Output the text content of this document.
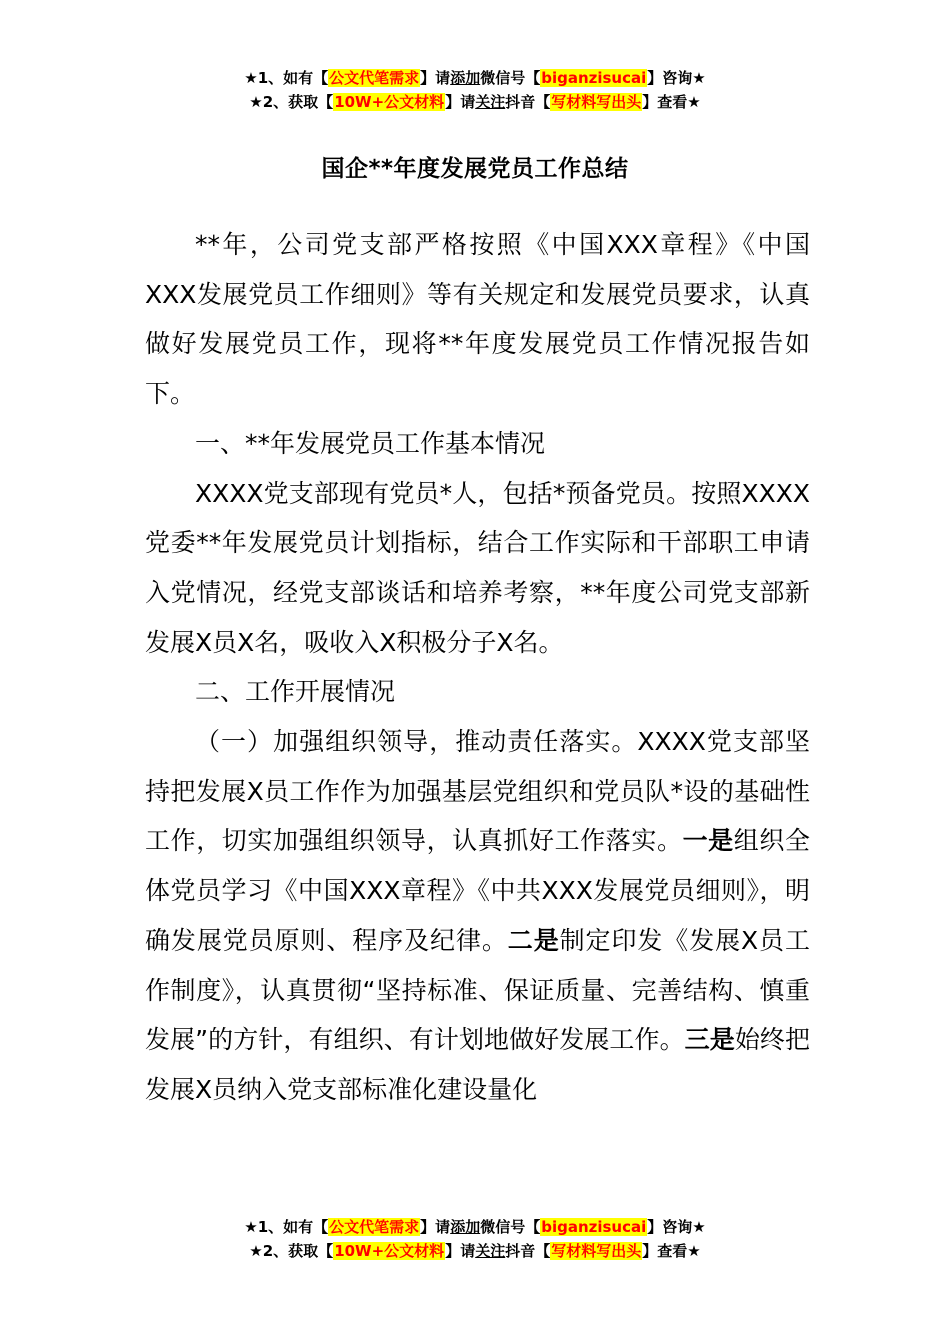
★1、如有【公文代笔需求】请添加微信号【biganzisucai】咨询★
★2、获取【10W+公文材料】请关注抖音【写材料写出头】查看★
国企**年度发展党员工作总结

**年，公司党支部严格按照《中国XXX章程》《中国XXX发展党员工作细则》等有关规定和发展党员要求，认真做好发展党员工作，现将**年度发展党员工作情况报告如下。

一、**年发展党员工作基本情况

XXXX党支部现有党员*人，包括*预备党员。按照XXXX党委**年发展党员计划指标，结合工作实际和干部职工申请入党情况，经党支部谈话和培养考察，**年度公司党支部新发展X员X名，吸收入X积极分子X名。

二、工作开展情况

（一）加强组织领导，推动责任落实。XXXX党支部坚持把发展X员工作作为加强基层党组织和党员队*设的基础性工作，切实加强组织领导，认真抓好工作落实。一是组织全体党员学习《中国XXX章程》《中共XXX发展党员细则》，明确发展党员原则、程序及纪律。二是制定印发《发展X员工作制度》，认真贯彻“坚持标准、保证质量、完善结构、慎重发展”的方针，有组织、有计划地做好发展工作。三是始终把发展X员纳入党支部标准化建设量化

★1、如有【公文代笔需求】请添加微信号【biganzisucai】咨询★
★2、获取【10W+公文材料】请关注抖音【写材料写出头】查看★
